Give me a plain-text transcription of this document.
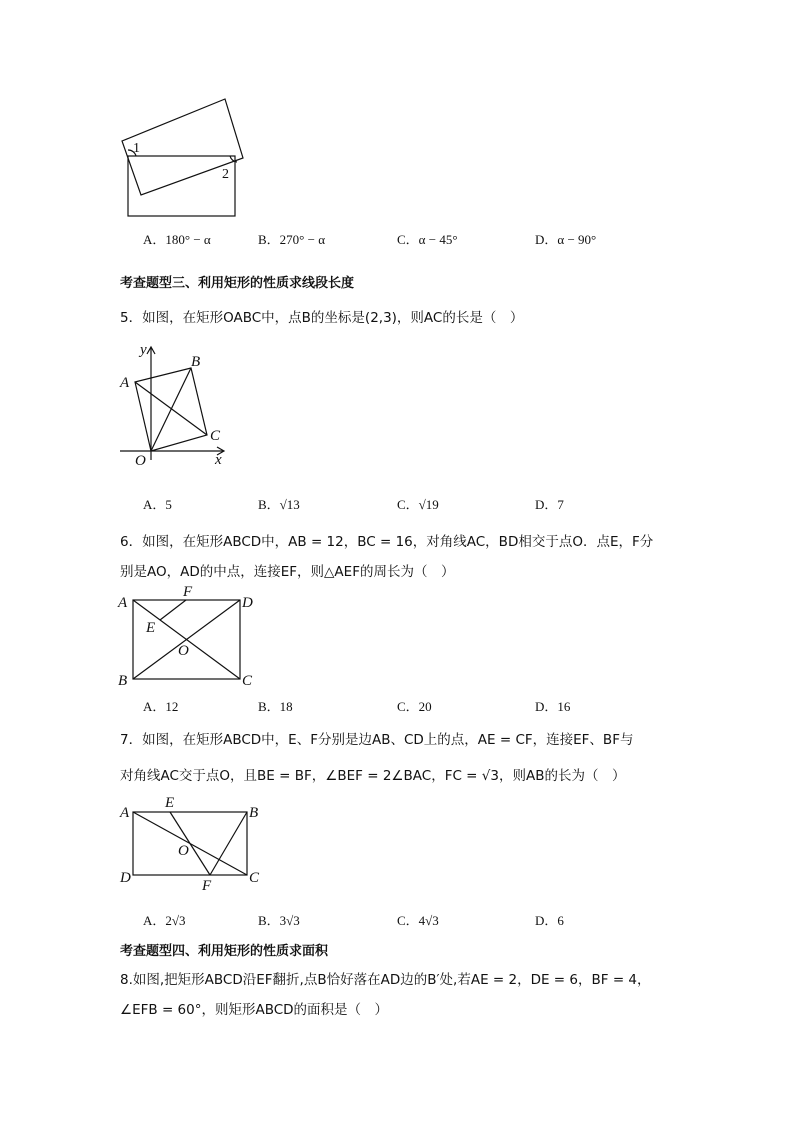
1
2
A．180° − α	B．270° − α	C．α − 45°	D．α − 90°
考查题型三、利用矩形的性质求线段长度
5．如图，在矩形OABC中，点B的坐标是(2,3)，则AC的长是（　）
y
x
A
B
C
O
A．5	B．√13	C．√19	D．7
6．如图，在矩形ABCD中，AB = 12，BC = 16，对角线AC，BD相交于点O．点E，F分
别是AO，AD的中点，连接EF，则△AEF的周长为（　）
A	D
B	C
E
F
O
A．12	B．18	C．20	D．16
7．如图，在矩形ABCD中，E、F分别是边AB、CD上的点，AE = CF，连接EF、BF与
对角线AC交于点O，且BE = BF，∠BEF = 2∠BAC，FC = √3，则AB的长为（　）
A	B
C
D
E
F
O
A．2√3	B．3√3	C．4√3	D．6
考查题型四、利用矩形的性质求面积
8.如图,把矩形ABCD沿EF翻折,点B恰好落在AD边的B′处,若AE = 2，DE = 6，BF = 4，
∠EFB = 60°，则矩形ABCD的面积是（　）
